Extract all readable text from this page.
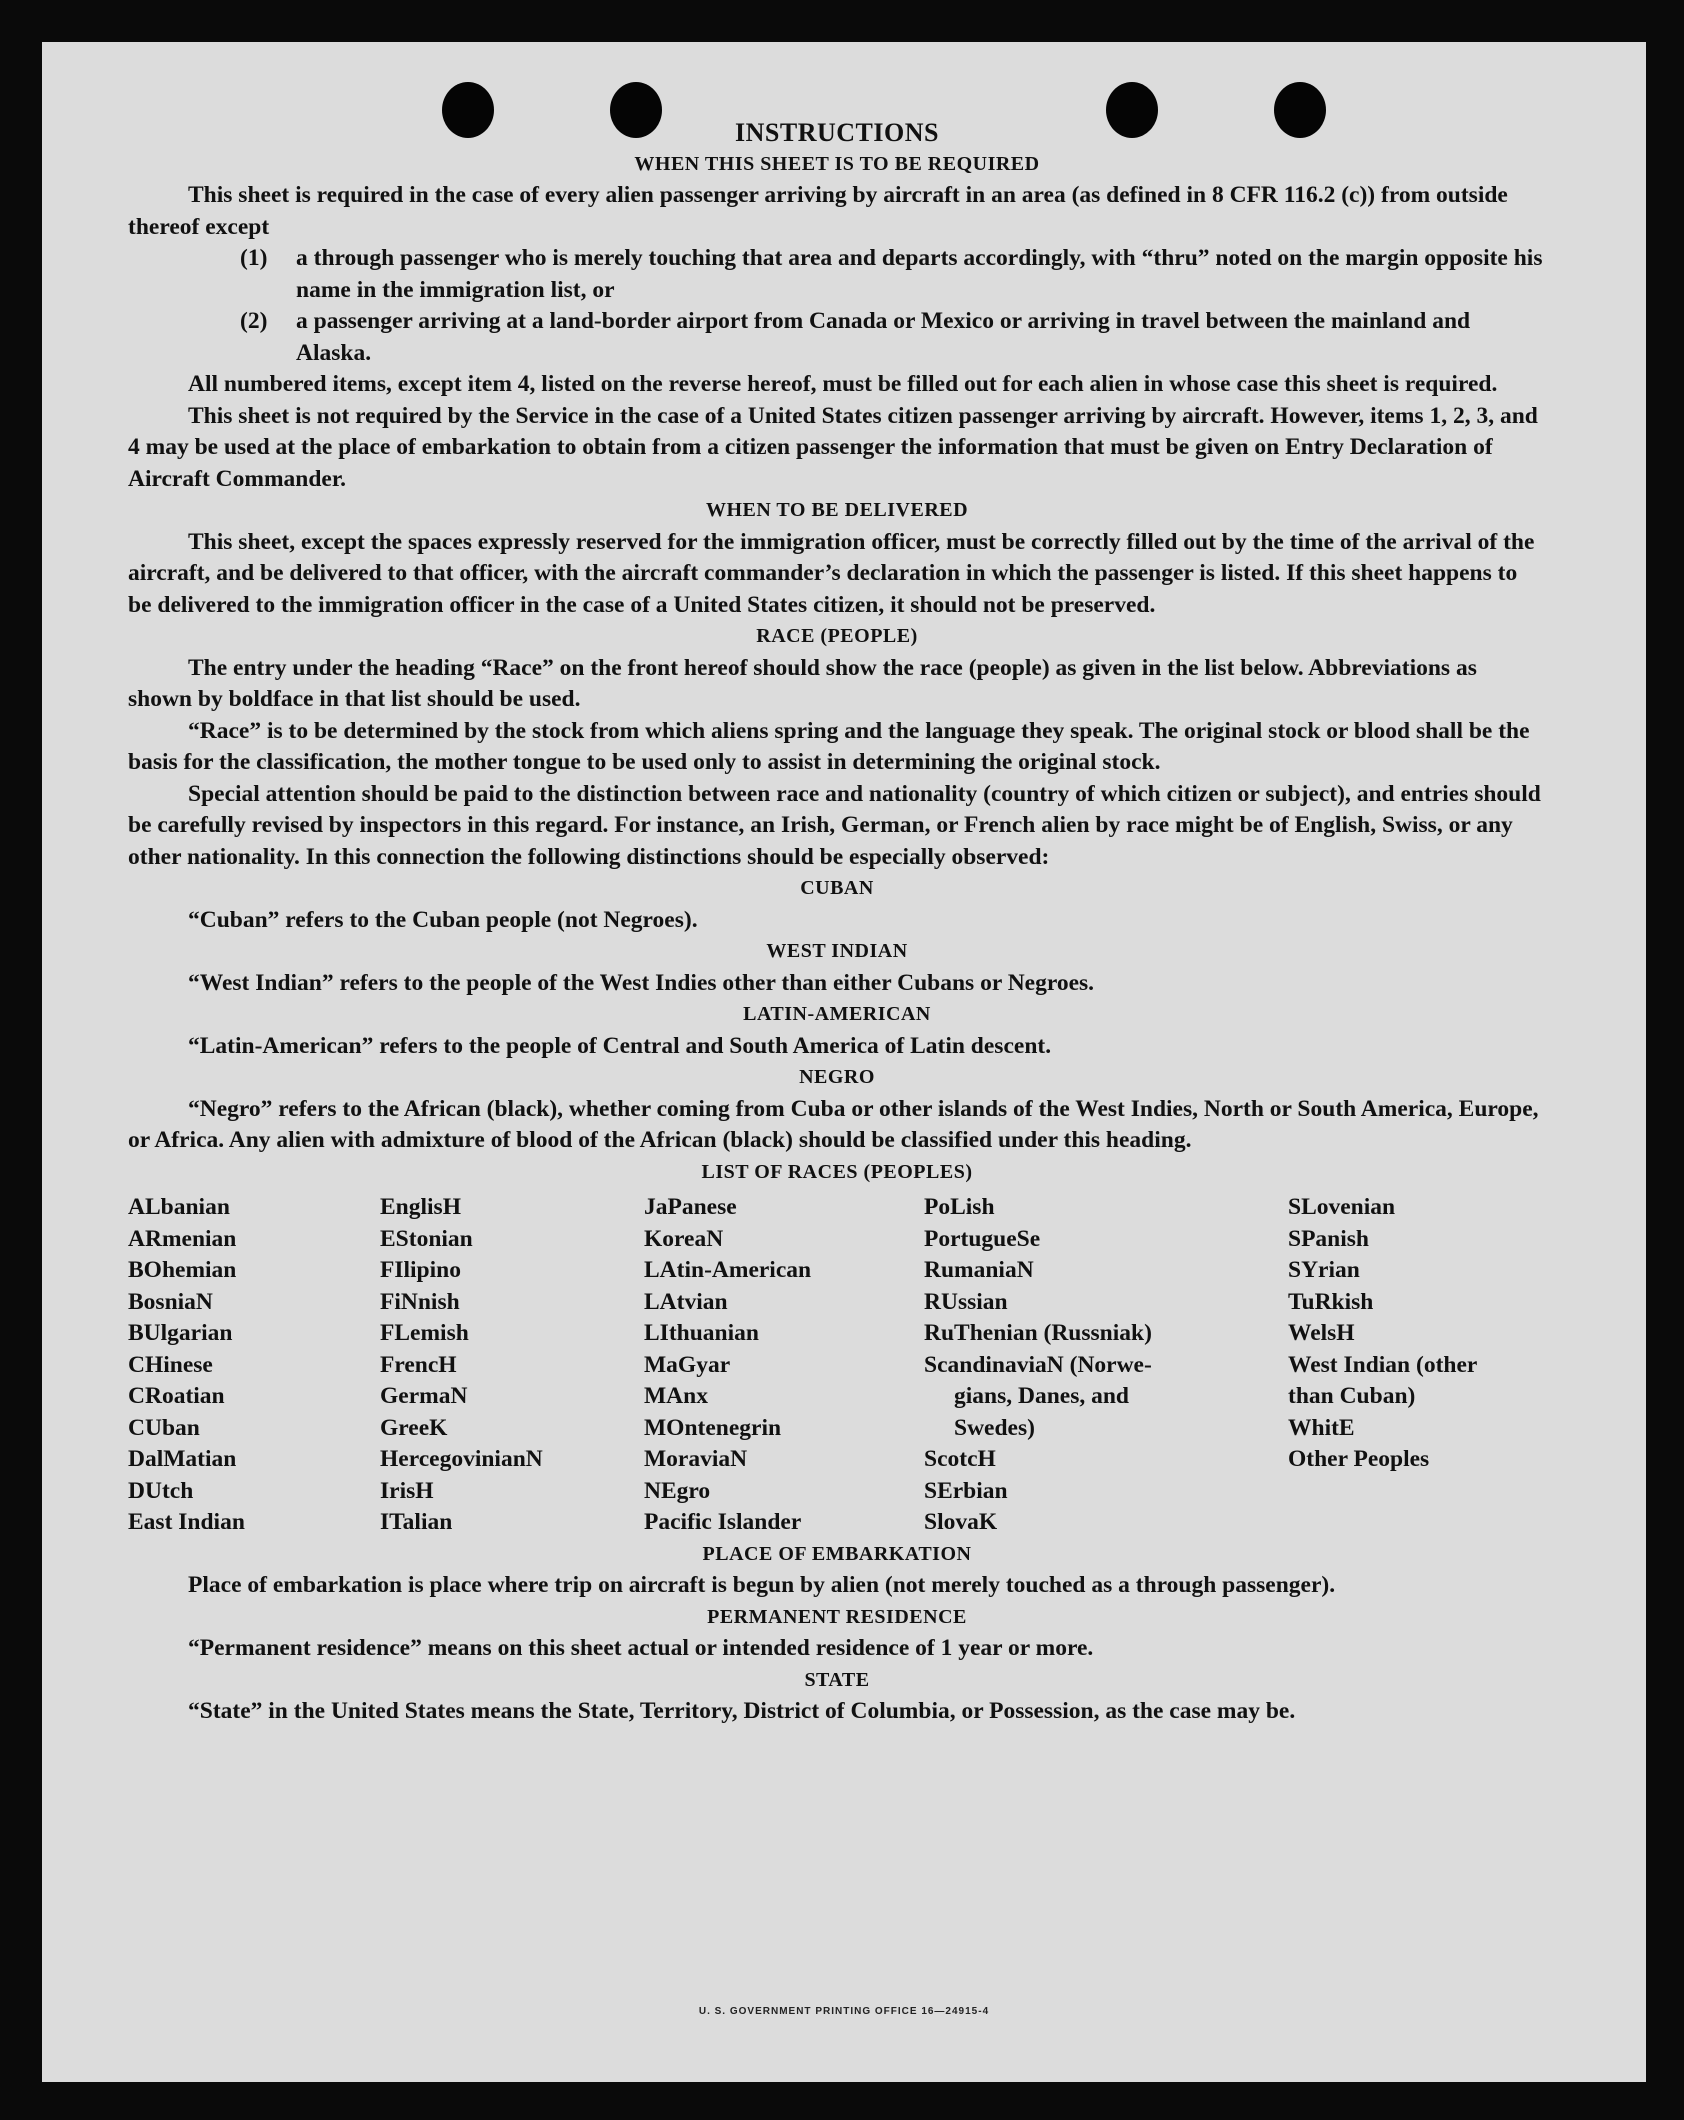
INSTRUCTIONS

WHEN THIS SHEET IS TO BE REQUIRED

This sheet is required in the case of every alien passenger arriving by aircraft in an area (as defined in 8 CFR 116.2 (c)) from outside thereof except

(1)	a through passenger who is merely touching that area and departs accordingly, with “thru” noted on the margin opposite his name in the immigration list, or
(2)	a passenger arriving at a land-border airport from Canada or Mexico or arriving in travel between the mainland and Alaska.

All numbered items, except item 4, listed on the reverse hereof, must be filled out for each alien in whose case this sheet is required.

This sheet is not required by the Service in the case of a United States citizen passenger arriving by aircraft. However, items 1, 2, 3, and 4 may be used at the place of embarkation to obtain from a citizen passenger the information that must be given on Entry Declaration of Aircraft Commander.

WHEN TO BE DELIVERED

This sheet, except the spaces expressly reserved for the immigration officer, must be correctly filled out by the time of the arrival of the aircraft, and be delivered to that officer, with the aircraft commander’s declaration in which the passenger is listed. If this sheet happens to be delivered to the immigration officer in the case of a United States citizen, it should not be preserved.

RACE (PEOPLE)

The entry under the heading “Race” on the front hereof should show the race (people) as given in the list below. Abbreviations as shown by boldface in that list should be used.

“Race” is to be determined by the stock from which aliens spring and the language they speak. The original stock or blood shall be the basis for the classification, the mother tongue to be used only to assist in determining the original stock.

Special attention should be paid to the distinction between race and nationality (country of which citizen or subject), and entries should be carefully revised by inspectors in this regard. For instance, an Irish, German, or French alien by race might be of English, Swiss, or any other nationality. In this connection the following distinctions should be especially observed:

CUBAN

“Cuban” refers to the Cuban people (not Negroes).

WEST INDIAN

“West Indian” refers to the people of the West Indies other than either Cubans or Negroes.

LATIN-AMERICAN

“Latin-American” refers to the people of Central and South America of Latin descent.

NEGRO

“Negro” refers to the African (black), whether coming from Cuba or other islands of the West Indies, North or South America, Europe, or Africa. Any alien with admixture of blood of the African (black) should be classified under this heading.

LIST OF RACES (PEOPLES)

ALbanian
ARmenian
BOhemian
BosniaN
BUlgarian
CHinese
CRoatian
CUban
DalMatian
DUtch
East Indian
EnglisH
EStonian
FIlipino
FiNnish
FLemish
FrencH
GermaN
GreeK
HercegovinianN
IrisH
ITalian
JaPanese
KoreaN
LAtin-American
LAtvian
LIthuanian
MaGyar
MAnx
MOntenegrin
MoraviaN
NEgro
Pacific Islander
PoLish
PortugueSe
RumaniaN
RUssian
RuThenian (Russniak)
ScandinaviaN (Norwe-
gians, Danes, and
Swedes)
ScotcH
SErbian
SlovaK
SLovenian
SPanish
SYrian
TuRkish
WelsH
West Indian (other
than Cuban)
WhitE
Other Peoples

PLACE OF EMBARKATION

Place of embarkation is place where trip on aircraft is begun by alien (not merely touched as a through passenger).

PERMANENT RESIDENCE

“Permanent residence” means on this sheet actual or intended residence of 1 year or more.

STATE

“State” in the United States means the State, Territory, District of Columbia, or Possession, as the case may be.

U. S. GOVERNMENT PRINTING OFFICE 16—24915-4
